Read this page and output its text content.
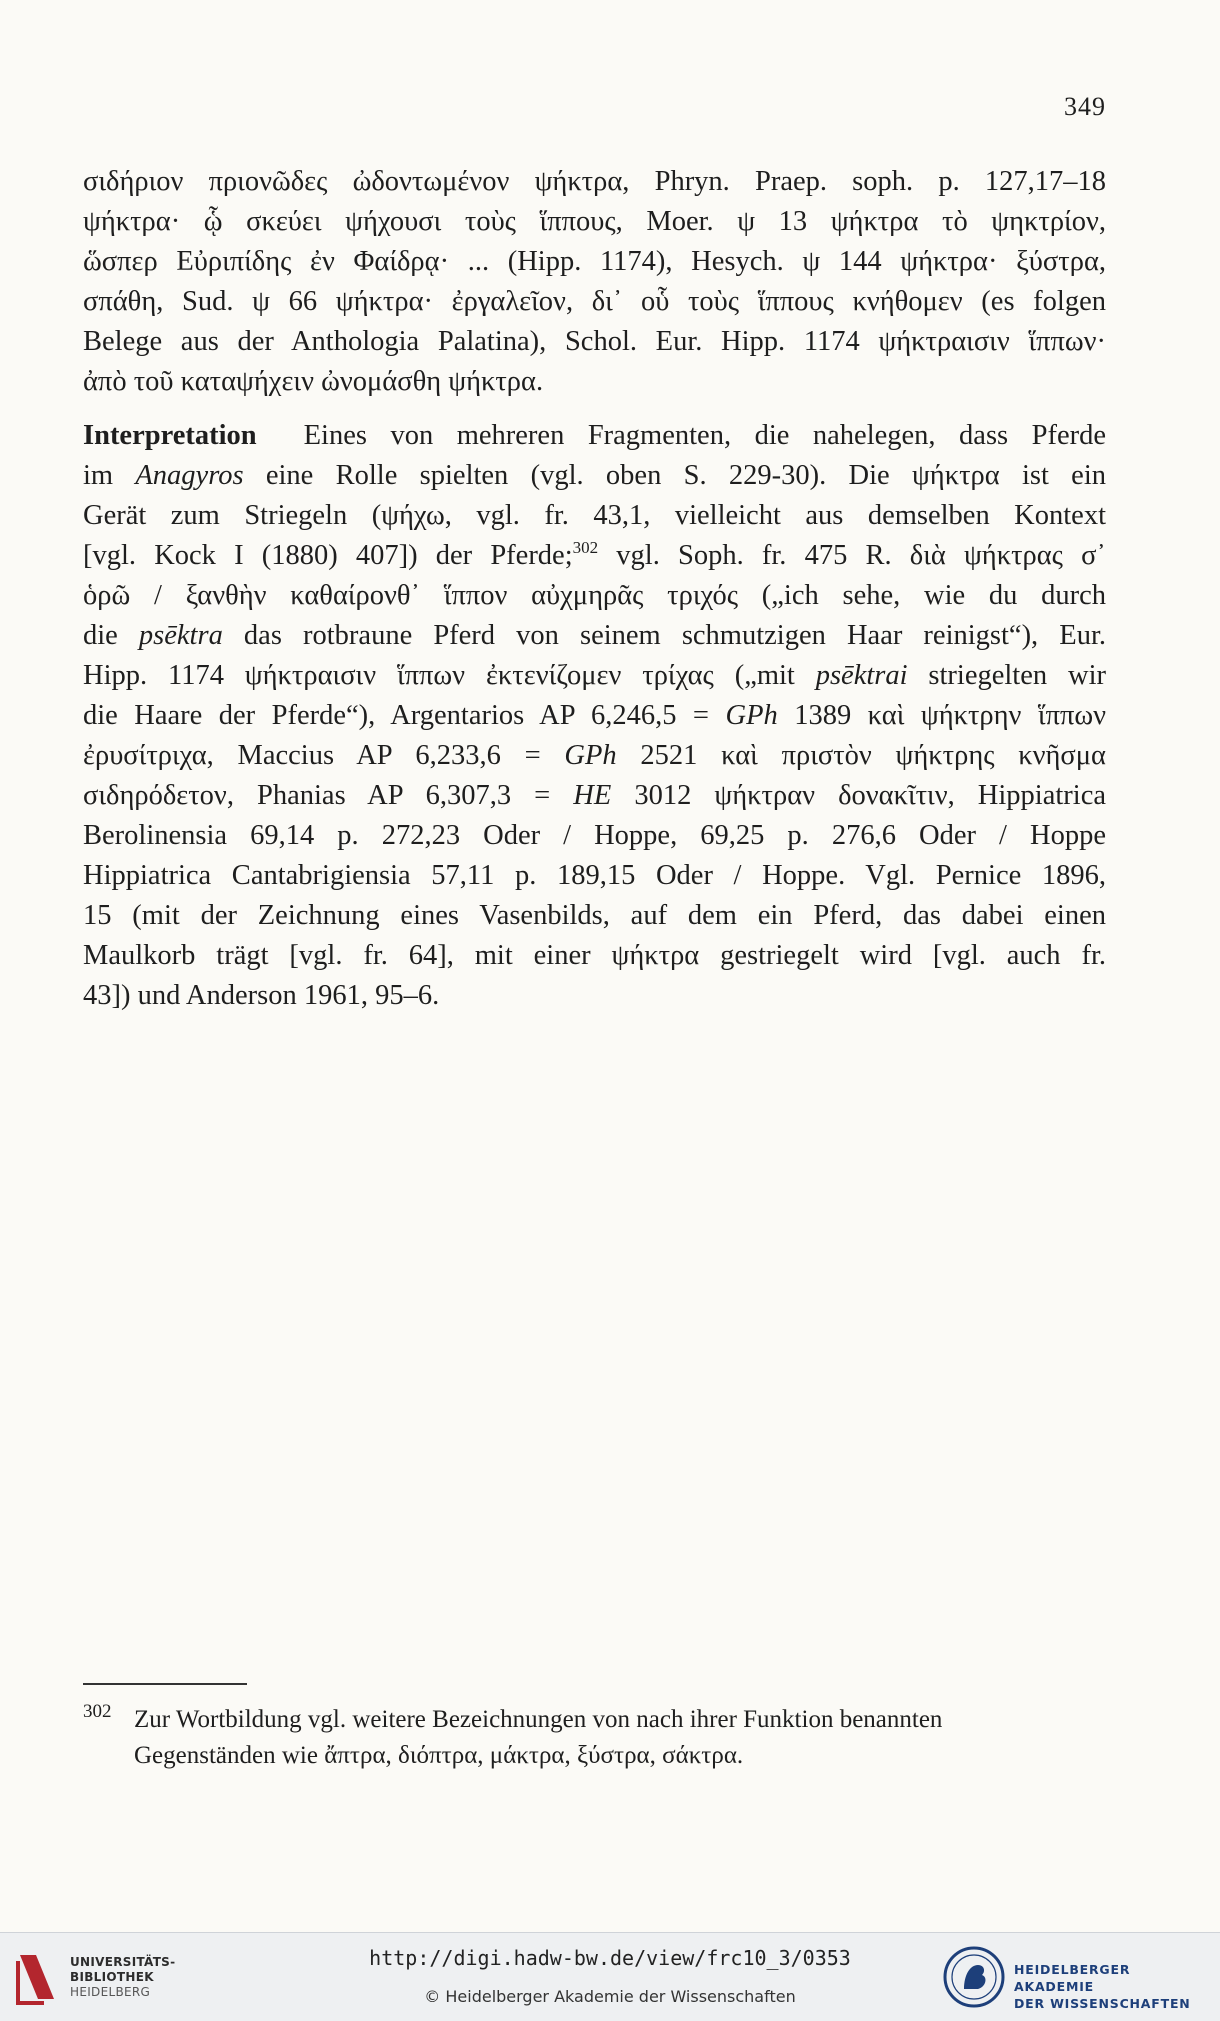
349

σιδήριον πριονῶδες ὠδοντωμένον ψήκτρα, Phryn. Praep. soph. p. 127,17–18
ψήκτρα· ᾧ σκεύει ψήχουσι τοὺς ἵππους, Moer. ψ 13 ψήκτρα τὸ ψηκτρίον,
ὥσπερ Εὐριπίδης ἐν Φαίδρᾳ· ... (Hipp. 1174), Hesych. ψ 144 ψήκτρα· ξύστρα,
σπάθη, Sud. ψ 66 ψήκτρα· ἐργαλεῖον, δι᾽ οὗ τοὺς ἵππους κνήθομεν (es folgen
Belege aus der Anthologia Palatina), Schol. Eur. Hipp. 1174 ψήκτραισιν ἵππων·
ἀπὸ τοῦ καταψήχειν ὠνομάσθη ψήκτρα.

Interpretation Eines von mehreren Fragmenten, die nahelegen, dass Pferde
im Anagyros eine Rolle spielten (vgl. oben S. 229-30). Die ψήκτρα ist ein
Gerät zum Striegeln (ψήχω, vgl. fr. 43,1, vielleicht aus demselben Kontext
[vgl. Kock I (1880) 407]) der Pferde;$^{302}$ vgl. Soph. fr. 475 R. διὰ ψήκτρας σ᾽
ὁρῶ / ξανθὴν καθαίρονθ᾽ ἵππον αὐχμηρᾶς τριχός („ich sehe, wie du durch
die psēktra das rotbraune Pferd von seinem schmutzigen Haar reinigst“), Eur.
Hipp. 1174 ψήκτραισιν ἵππων ἐκτενίζομεν τρίχας („mit psēktrai striegelten wir
die Haare der Pferde“), Argentarios AP 6,246,5 = GPh 1389 καὶ ψήκτρην ἵππων
ἐρυσίτριχα, Maccius AP 6,233,6 = GPh 2521 καὶ πριστὸν ψήκτρης κνῆσμα
σιδηρόδετον, Phanias AP 6,307,3 = HE 3012 ψήκτραν δονακῖτιν, Hippiatrica
Berolinensia 69,14 p. 272,23 Oder / Hoppe, 69,25 p. 276,6 Oder / Hoppe
Hippiatrica Cantabrigiensia 57,11 p. 189,15 Oder / Hoppe. Vgl. Pernice 1896,
15 (mit der Zeichnung eines Vasenbilds, auf dem ein Pferd, das dabei einen
Maulkorb trägt [vgl. fr. 64], mit einer ψήκτρα gestriegelt wird [vgl. auch fr.
43]) und Anderson 1961, 95–6.

302 Zur Wortbildung vgl. weitere Bezeichnungen von nach ihrer Funktion benannten
Gegenständen wie ἄπτρα, διόπτρα, μάκτρα, ξύστρα, σάκτρα.
UNIVERSITÄTS-
BIBLIOTHEK
HEIDELBERG
http://digi.hadw-bw.de/view/frc10_3/0353
© Heidelberger Akademie der Wissenschaften
HEIDELBERGER AKADEMIE
DER WISSENSCHAFTEN
